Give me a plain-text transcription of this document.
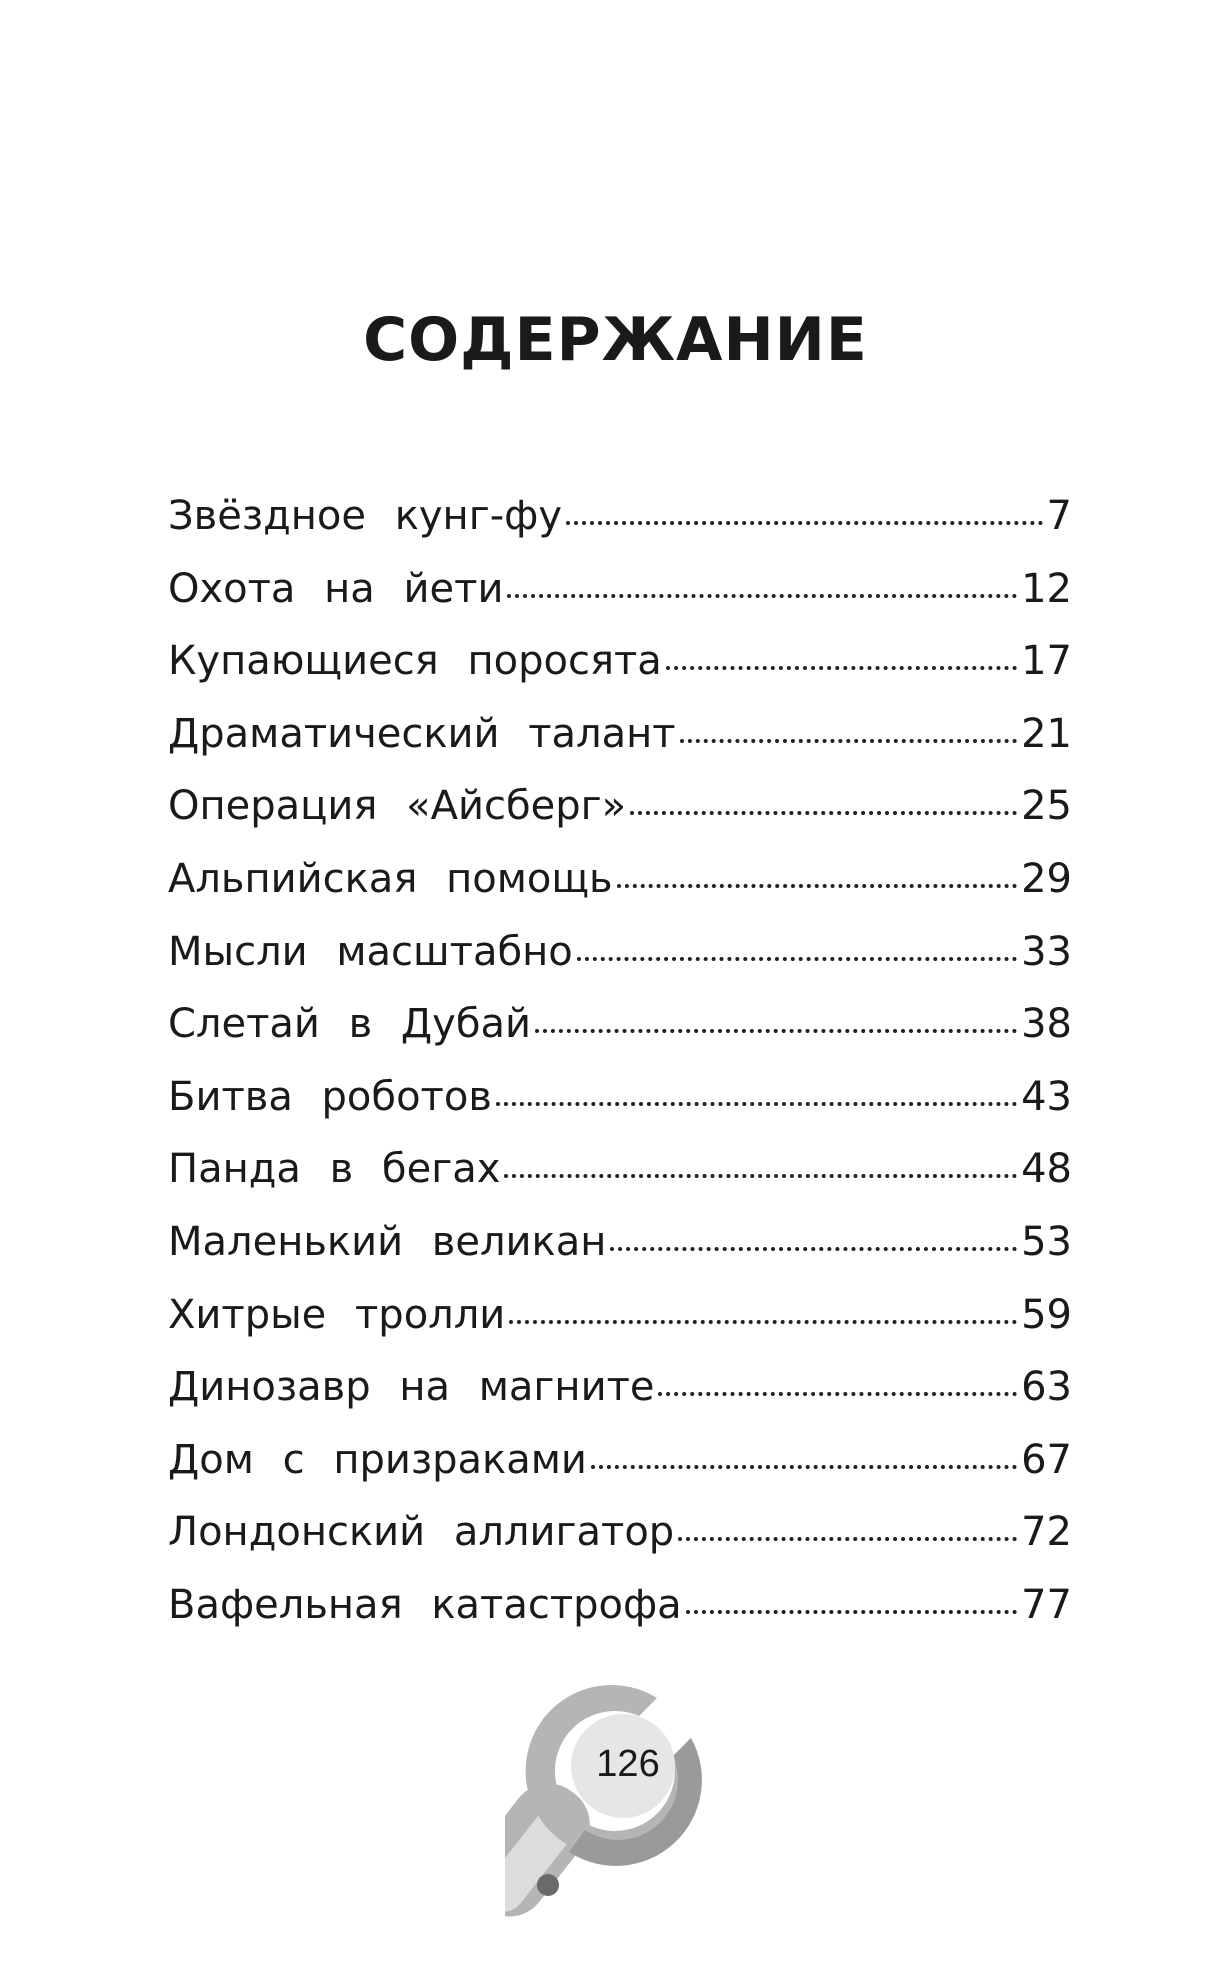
СОДЕРЖАНИЕ
Звёздное кунг-фу	7
Охота на йети	12
Купающиеся поросята	17
Драматический талант	21
Операция «Айсберг»	25
Альпийская помощь	29
Мысли масштабно	33
Слетай в Дубай	38
Битва роботов	43
Панда в бегах	48
Маленький великан	53
Хитрые тролли	59
Динозавр на магните	63
Дом с призраками	67
Лондонский аллигатор	72
Вафельная катастрофа	77
126
